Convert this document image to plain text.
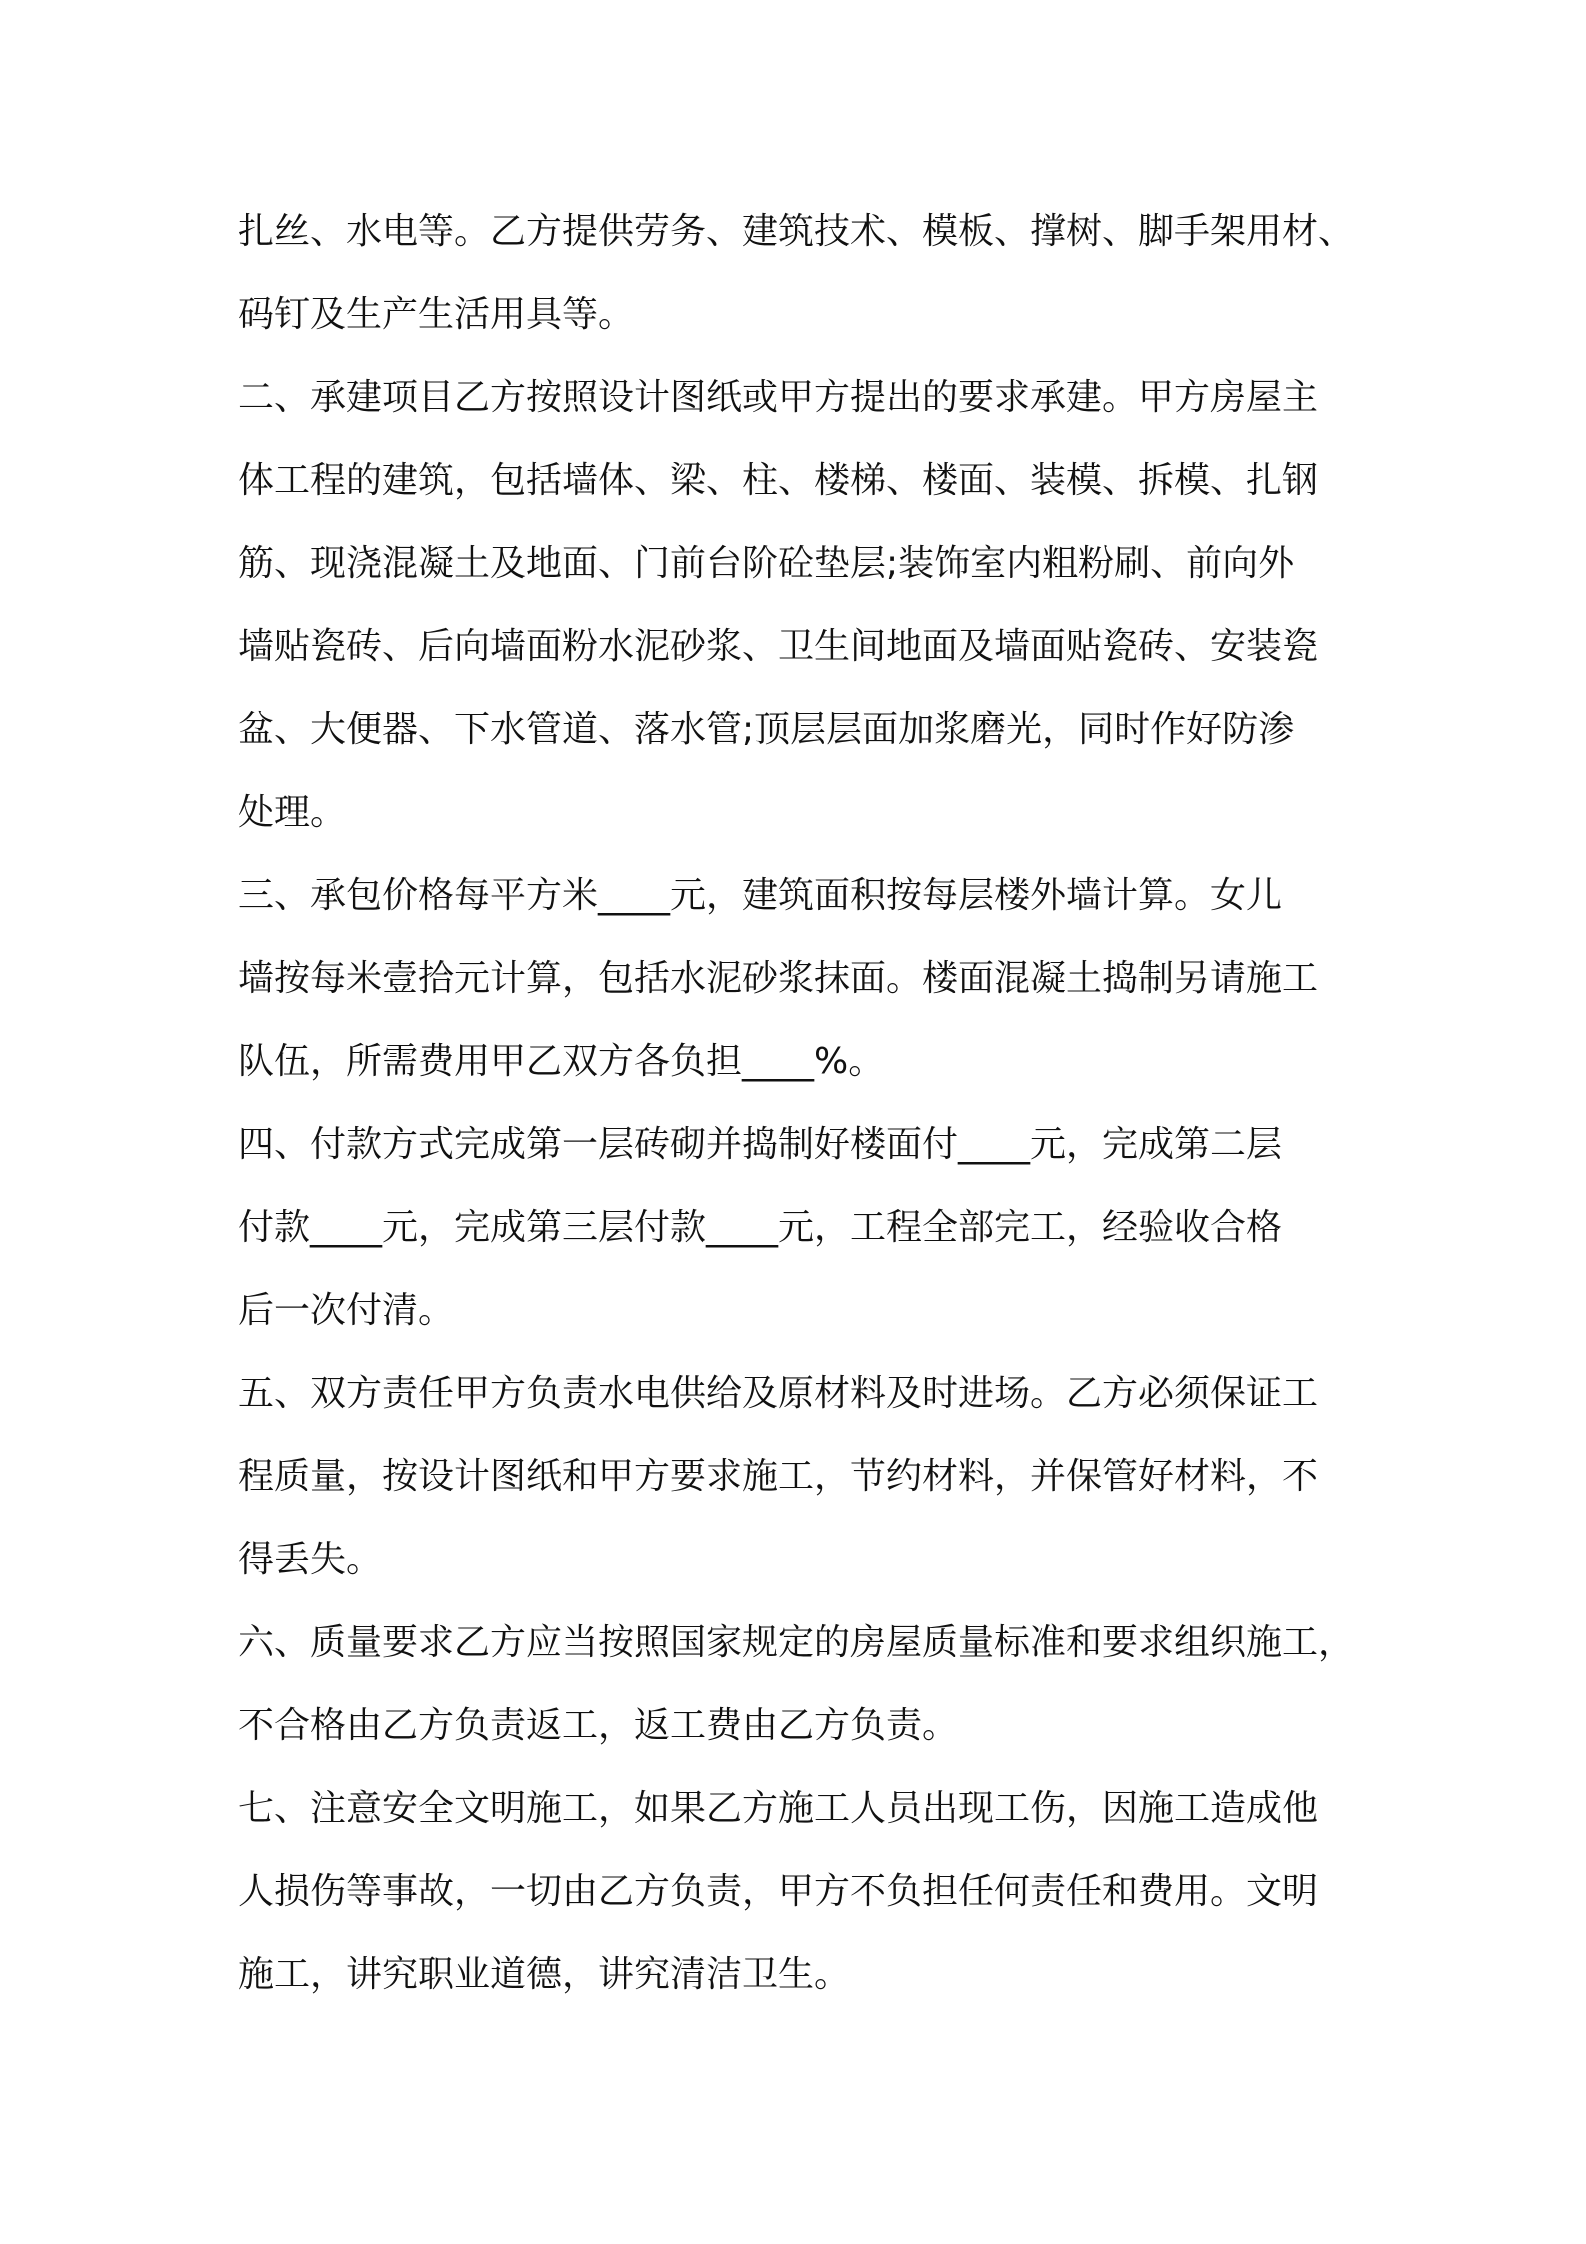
扎丝、水电等。乙方提供劳务、建筑技术、模板、撑树、脚手架用材、
码钉及生产生活用具等。
二、承建项目乙方按照设计图纸或甲方提出的要求承建。甲方房屋主
体工程的建筑，包括墙体、梁、柱、楼梯、楼面、装模、拆模、扎钢
筋、现浇混凝土及地面、门前台阶砼垫层;装饰室内粗粉刷、前向外
墙贴瓷砖、后向墙面粉水泥砂浆、卫生间地面及墙面贴瓷砖、安装瓷
盆、大便器、下水管道、落水管;顶层层面加浆磨光，同时作好防渗
处理。
三、承包价格每平方米____元，建筑面积按每层楼外墙计算。女儿
墙按每米壹拾元计算，包括水泥砂浆抹面。楼面混凝土捣制另请施工
队伍，所需费用甲乙双方各负担____%。
四、付款方式完成第一层砖砌并捣制好楼面付____元，完成第二层
付款____元，完成第三层付款____元，工程全部完工，经验收合格
后一次付清。
五、双方责任甲方负责水电供给及原材料及时进场。乙方必须保证工
程质量，按设计图纸和甲方要求施工，节约材料，并保管好材料，不
得丢失。
六、质量要求乙方应当按照国家规定的房屋质量标准和要求组织施工，
不合格由乙方负责返工，返工费由乙方负责。
七、注意安全文明施工，如果乙方施工人员出现工伤，因施工造成他
人损伤等事故，一切由乙方负责，甲方不负担任何责任和费用。文明
施工，讲究职业道德，讲究清洁卫生。
